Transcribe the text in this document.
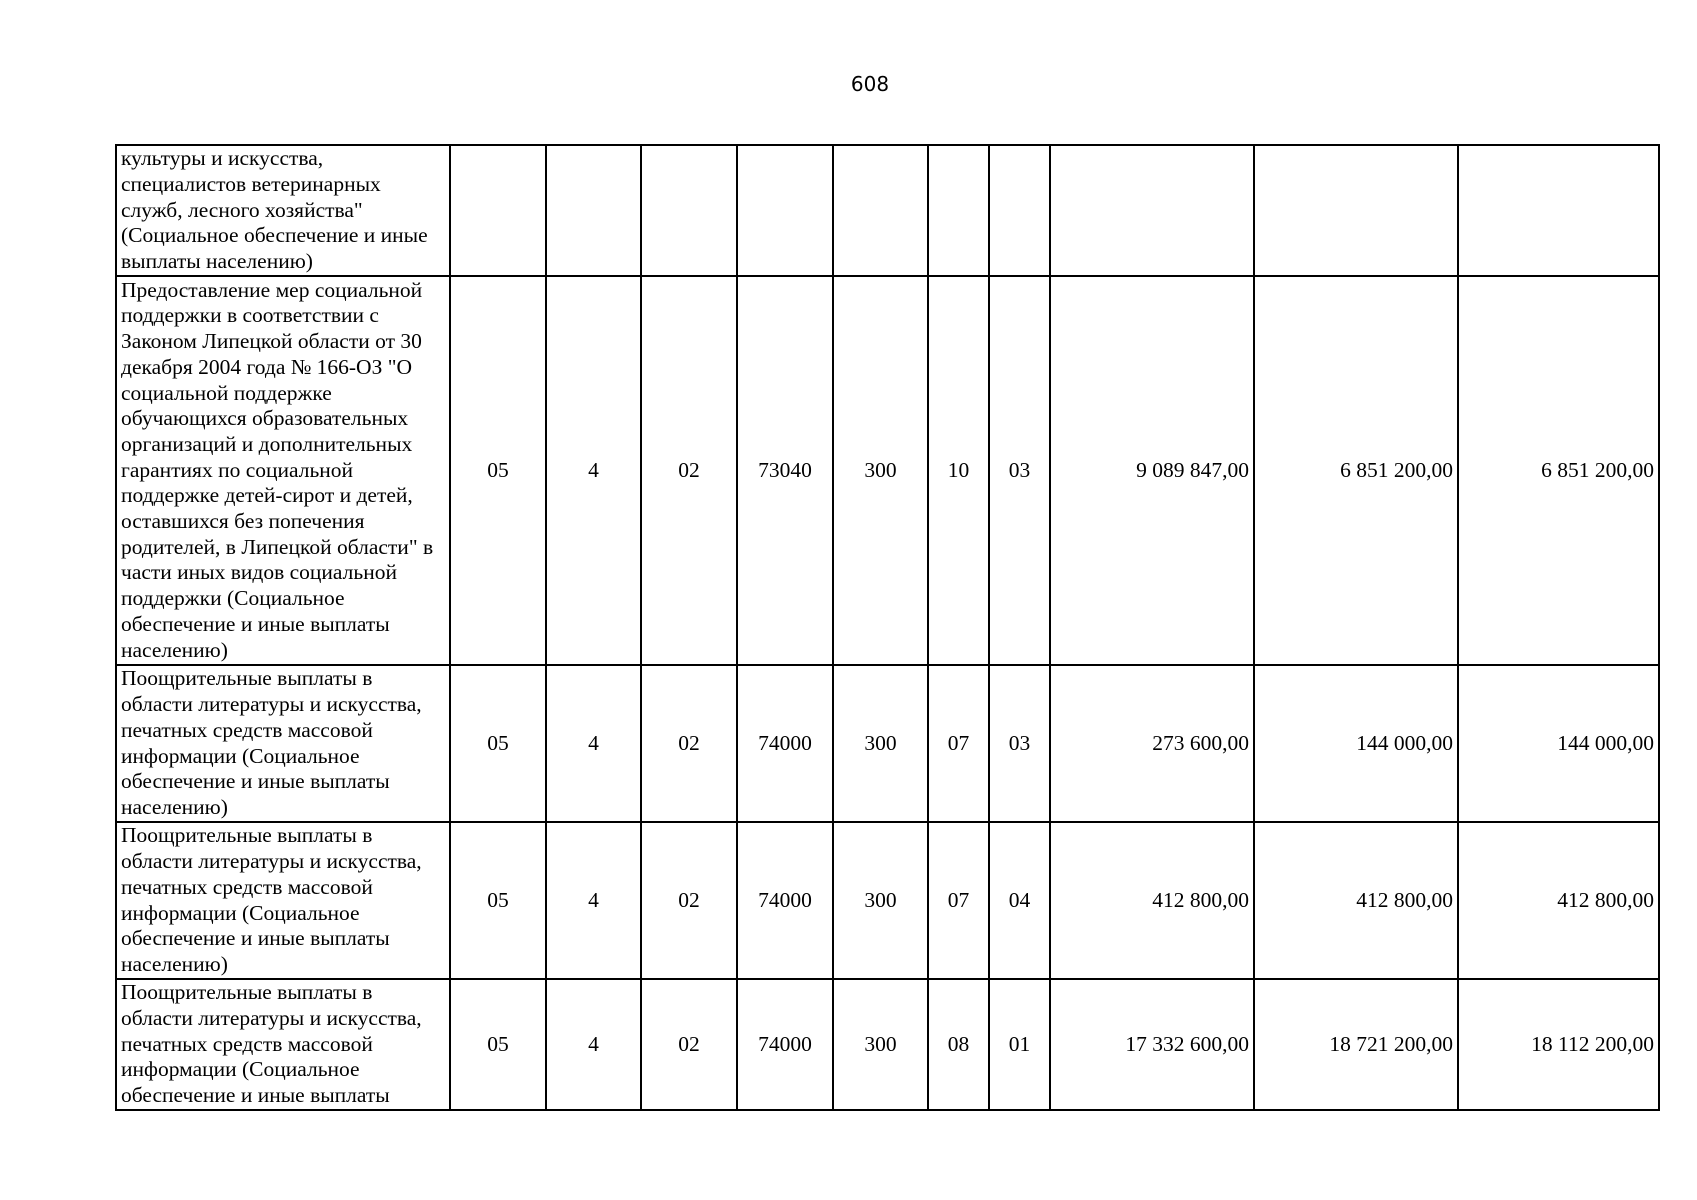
608
культуры и искусства, специалистов ветеринарных служб, лесного хозяйства" (Социальное обеспечение и иные выплаты населению)										
Предоставление мер социальной поддержки в соответствии с Законом Липецкой области от 30 декабря 2004 года № 166-ОЗ "О социальной поддержке обучающихся образовательных организаций и дополнительных гарантиях по социальной поддержке детей-сирот и детей, оставшихся без попечения родителей, в Липецкой области" в части иных видов социальной поддержки (Социальное обеспечение и иные выплаты населению)	05	4	02	73040	300	10	03	9 089 847,00	6 851 200,00	6 851 200,00
Поощрительные выплаты в области литературы и искусства, печатных средств массовой информации (Социальное обеспечение и иные выплаты населению)	05	4	02	74000	300	07	03	273 600,00	144 000,00	144 000,00
Поощрительные выплаты в области литературы и искусства, печатных средств массовой информации (Социальное обеспечение и иные выплаты населению)	05	4	02	74000	300	07	04	412 800,00	412 800,00	412 800,00
Поощрительные выплаты в области литературы и искусства, печатных средств массовой информации (Социальное обеспечение и иные выплаты	05	4	02	74000	300	08	01	17 332 600,00	18 721 200,00	18 112 200,00
